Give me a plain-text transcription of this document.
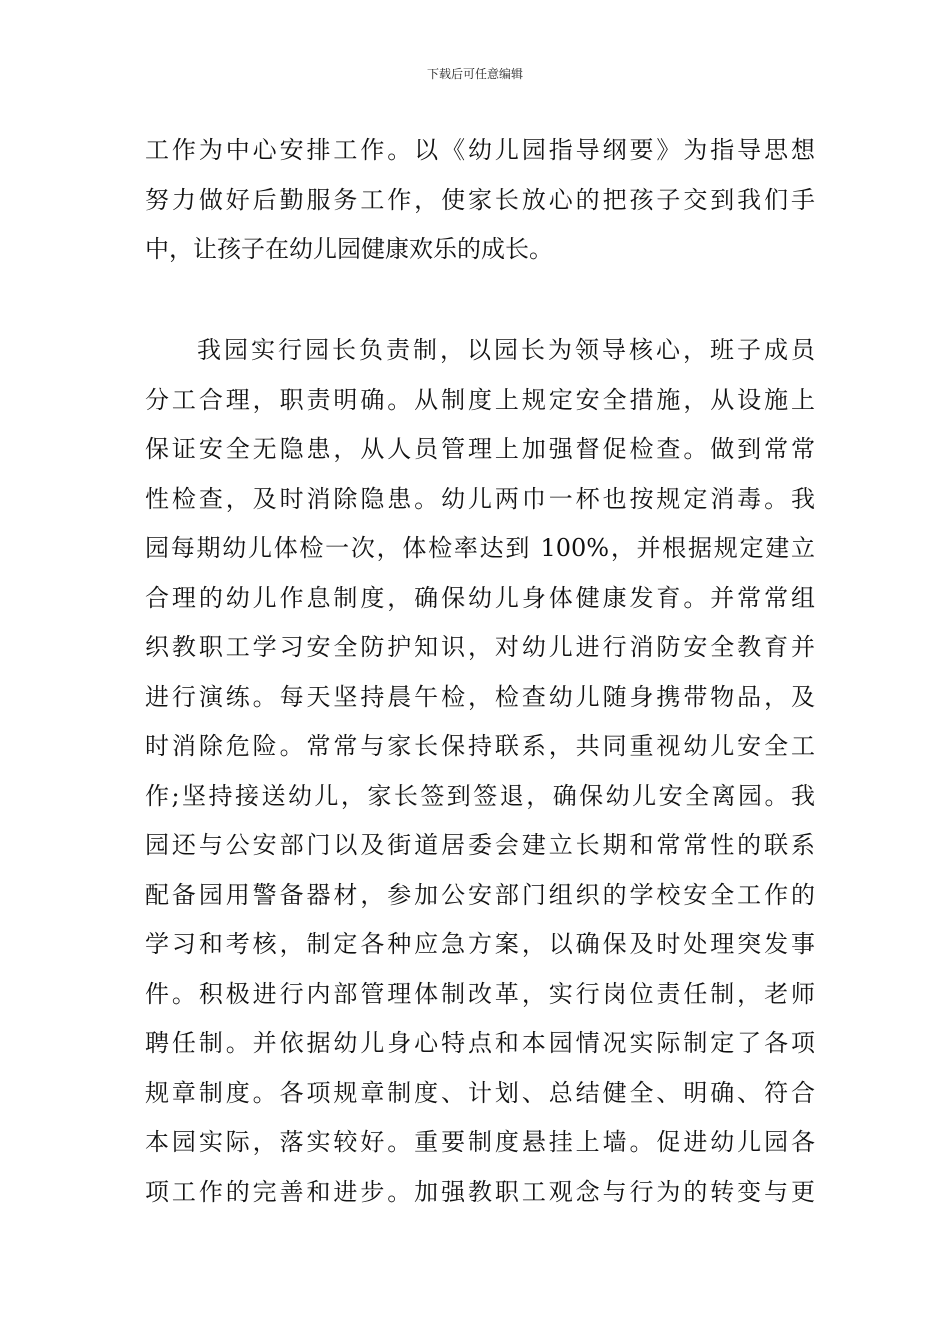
下载后可任意编辑
工作为中心安排工作。以《幼儿园指导纲要》为指导思想
努力做好后勤服务工作，使家长放心的把孩子交到我们手
中，让孩子在幼儿园健康欢乐的成长。
我园实行园长负责制，以园长为领导核心，班子成员
分工合理，职责明确。从制度上规定安全措施，从设施上
保证安全无隐患，从人员管理上加强督促检查。做到常常
性检查，及时消除隐患。幼儿两巾一杯也按规定消毒。我
园每期幼儿体检一次，体检率达到 100%，并根据规定建立
合理的幼儿作息制度，确保幼儿身体健康发育。并常常组
织教职工学习安全防护知识，对幼儿进行消防安全教育并
进行演练。每天坚持晨午检，检查幼儿随身携带物品，及
时消除危险。常常与家长保持联系，共同重视幼儿安全工
作;坚持接送幼儿，家长签到签退，确保幼儿安全离园。我
园还与公安部门以及街道居委会建立长期和常常性的联系
配备园用警备器材，参加公安部门组织的学校安全工作的
学习和考核，制定各种应急方案，以确保及时处理突发事
件。积极进行内部管理体制改革，实行岗位责任制，老师
聘任制。并依据幼儿身心特点和本园情况实际制定了各项
规章制度。各项规章制度、计划、总结健全、明确、符合
本园实际，落实较好。重要制度悬挂上墙。促进幼儿园各
项工作的完善和进步。加强教职工观念与行为的转变与更
